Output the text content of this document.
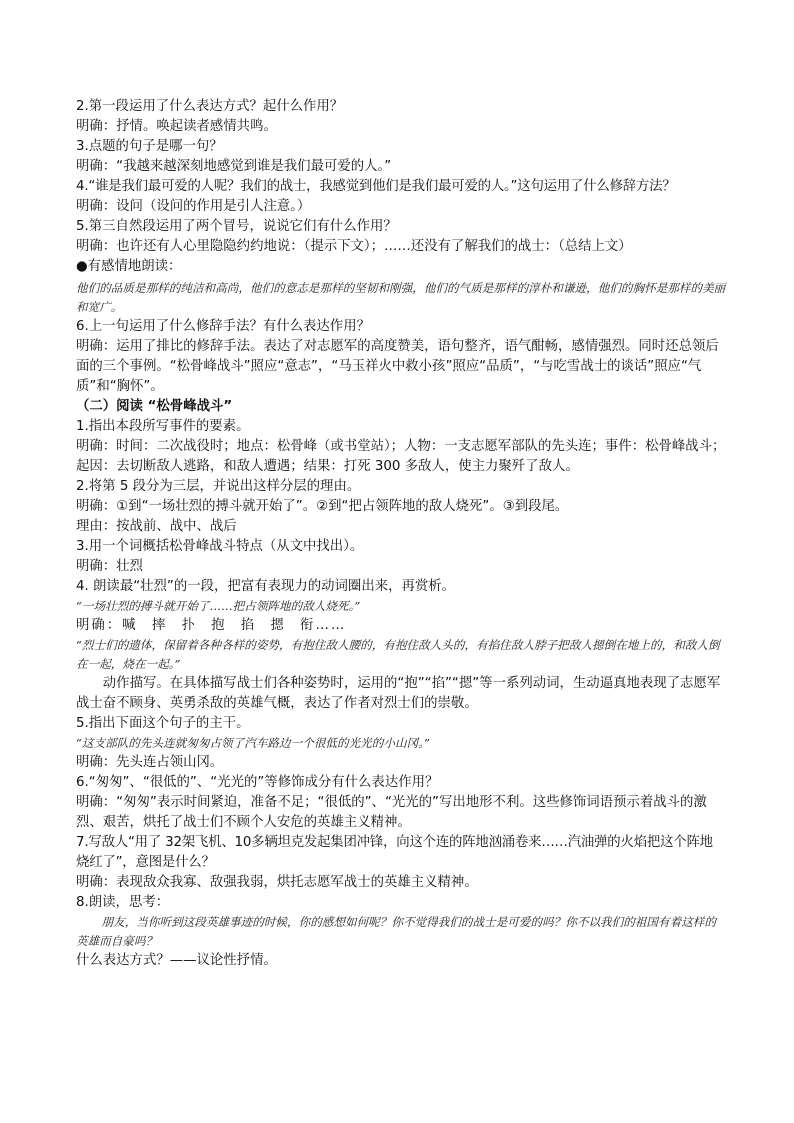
2.第一段运用了什么表达方式？起什么作用？
明确：抒情。唤起读者感情共鸣。
3.点题的句子是哪一句？
明确：“我越来越深刻地感觉到谁是我们最可爱的人。”
4.“谁是我们最可爱的人呢？我们的战士，我感觉到他们是我们最可爱的人。”这句运用了什么修辞方法？
明确：设问（设问的作用是引人注意。）
5.第三自然段运用了两个冒号，说说它们有什么作用？
明确：也许还有人心里隐隐约约地说：（提示下文）；……还没有了解我们的战士：（总结上文）
●有感情地朗读：
他们的品质是那样的纯洁和高尚，他们的意志是那样的坚韧和刚强，他们的气质是那样的淳朴和谦逊，他们的胸怀是那样的美丽和宽广。
6.上一句运用了什么修辞手法？有什么表达作用？
明确：运用了排比的修辞手法。表达了对志愿军的高度赞美，语句整齐，语气酣畅，感情强烈。同时还总领后面的三个事例。“松骨峰战斗”照应“意志”，“马玉祥火中救小孩”照应“品质”，“与吃雪战士的谈话”照应“气质”和“胸怀”。
（二）阅读 “松骨峰战斗”
1.指出本段所写事件的要素。
明确：时间：二次战役时；地点：松骨峰（或书堂站）；人物：一支志愿军部队的先头连；事件：松骨峰战斗；起因：去切断敌人逃路，和敌人遭遇；结果：打死 300 多敌人，使主力聚歼了敌人。
2.将第 5 段分为三层，并说出这样分层的理由。
明确：①到“一场壮烈的搏斗就开始了”。②到“把占领阵地的敌人烧死”。③到段尾。
理由：按战前、战中、战后
3.用一个词概括松骨峰战斗特点（从文中找出）。
明确：壮烈
4. 朗读最“壮烈”的一段，把富有表现力的动词圈出来，再赏析。
“一场壮烈的搏斗就开始了……把占领阵地的敌人烧死。”
明确：喊 摔 扑 抱 掐 摁 衔……
“烈士们的遗体，保留着各种各样的姿势，有抱住敌人腰的，有抱住敌人头的，有掐住敌人脖子把敌人摁倒在地上的，和敌人倒在一起，烧在一起。”
动作描写。在具体描写战士们各种姿势时，运用的“抱”“掐”“摁”等一系列动词，生动逼真地表现了志愿军战士奋不顾身、英勇杀敌的英雄气概，表达了作者对烈士们的崇敬。
5.指出下面这个句子的主干。
“这支部队的先头连就匆匆占领了汽车路边一个很低的光光的小山冈。”
明确：先头连占领山冈。
6.“匆匆”、“很低的”、“光光的”等修饰成分有什么表达作用？
明确：“匆匆”表示时间紧迫，准备不足；“很低的”、“光光的”写出地形不利。这些修饰词语预示着战斗的激烈、艰苦，烘托了战士们不顾个人安危的英雄主义精神。
7.写敌人“用了 32架飞机、10多辆坦克发起集团冲锋，向这个连的阵地汹涌卷来……汽油弹的火焰把这个阵地烧红了”，意图是什么？
明确：表现敌众我寡、敌强我弱，烘托志愿军战士的英雄主义精神。
8.朗读，思考：
朋友，当你听到这段英雄事迹的时候，你的感想如何呢？你不觉得我们的战士是可爱的吗？你不以我们的祖国有着这样的英雄而自豪吗？
什么表达方式？——议论性抒情。
